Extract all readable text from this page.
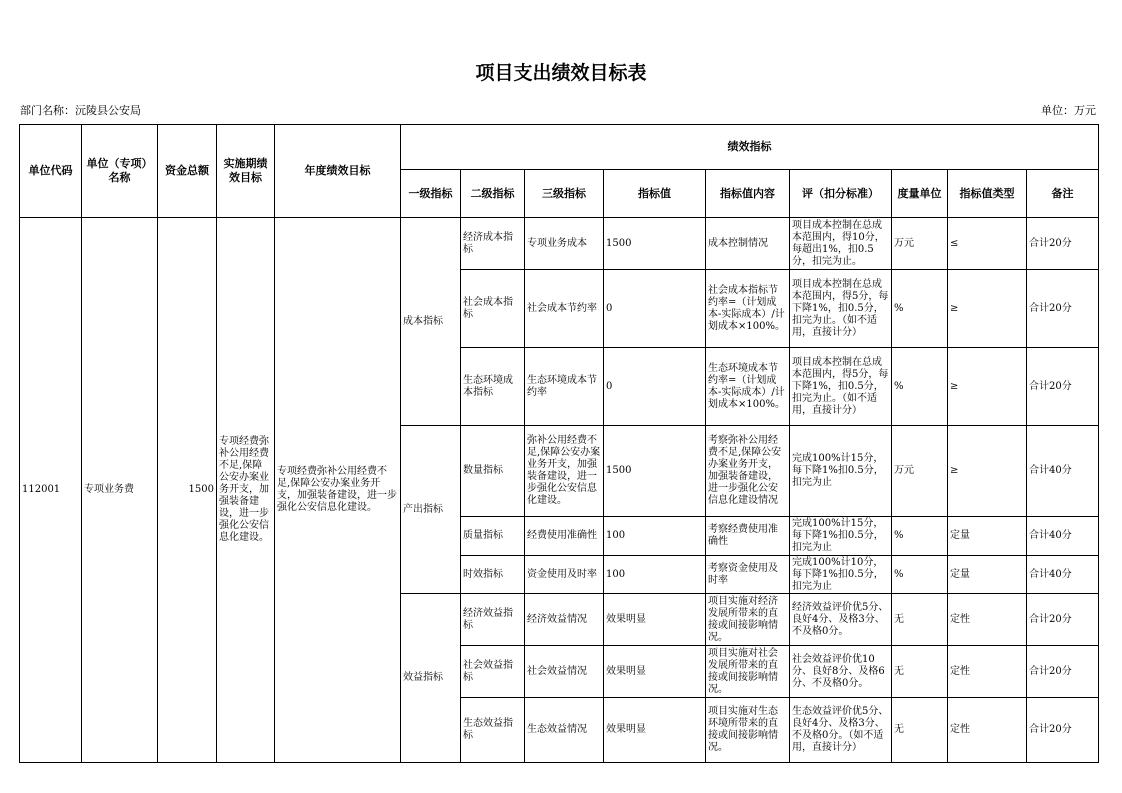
项目支出绩效目标表
部门名称：沅陵县公安局	单位：万元
单位代码	单位（专项）名称	资金总额	实施期绩效目标	年度绩效目标	绩效指标								
					一级指标	二级指标	三级指标	指标值	指标值内容	评（扣分标准）	度量单位	指标值类型	备注
112001	专项业务费	1500	专项经费弥补公用经费不足,保障公安办案业务开支，加强装备建设，进一步强化公安信息化建设。	专项经费弥补公用经费不足,保障公安办案业务开支，加强装备建设，进一步强化公安信息化建设。	成本指标	经济成本指标	专项业务成本	1500	成本控制情况	项目成本控制在总成本范围内，得10分，每超出1%，扣0.5分，扣完为止。	万元	≤	合计20分
						社会成本指标	社会成本节约率	0	社会成本指标节约率=（计划成本-实际成本）/计划成本×100%。	项目成本控制在总成本范围内，得5分，每下降1%，扣0.5分，扣完为止。（如不适用，直接计分）	%	≥	合计20分
						生态环境成本指标	生态环境成本节约率	0	生态环境成本节约率=（计划成本-实际成本）/计划成本×100%。	项目成本控制在总成本范围内，得5分，每下降1%，扣0.5分，扣完为止。（如不适用，直接计分）	%	≥	合计20分
					产出指标	数量指标	弥补公用经费不足,保障公安办案业务开支，加强装备建设，进一步强化公安信息化建设。	1500	考察弥补公用经费不足,保障公安办案业务开支，加强装备建设，进一步强化公安信息化建设情况	完成100%计15分，每下降1%扣0.5分，扣完为止	万元	≥	合计40分
						质量指标	经费使用准确性	100	考察经费使用准确性	完成100%计15分，每下降1%扣0.5分，扣完为止	%	定量	合计40分
						时效指标	资金使用及时率	100	考察资金使用及时率	完成100%计10分，每下降1%扣0.5分，扣完为止	%	定量	合计40分
					效益指标	经济效益指标	经济效益情况	效果明显	项目实施对经济发展所带来的直接或间接影响情况。	经济效益评价优5分、良好4分、及格3分、不及格0分。	无	定性	合计20分
						社会效益指标	社会效益情况	效果明显	项目实施对社会发展所带来的直接或间接影响情况。	社会效益评价优10分、良好8分、及格6分、不及格0分。	无	定性	合计20分
						生态效益指标	生态效益情况	效果明显	项目实施对生态环境所带来的直接或间接影响情况。	生态效益评价优5分、良好4分、及格3分、不及格0分。（如不适用，直接计分）	无	定性	合计20分
